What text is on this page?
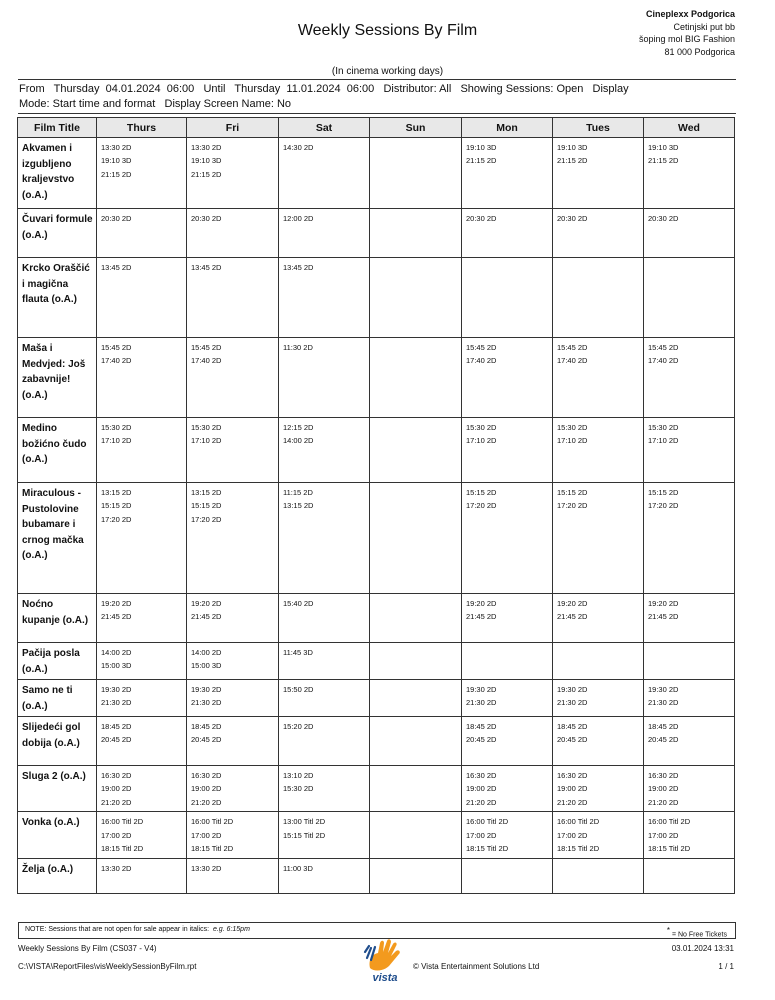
Weekly Sessions By Film
Cineplexx Podgorica
Cetinjski put bb
šoping mol BIG Fashion
81 000 Podgorica
(In cinema working days)
From   Thursday  04.01.2024  06:00   Until   Thursday  11.01.2024  06:00   Distributor: All   Showing Sessions: Open   Display
Mode: Start time and format   Display Screen Name: No
Film Title	Thurs	Fri	Sat	Sun	Mon	Tues	Wed
Akvamen i izgubljeno kraljevstvo (o.A.)	13:30 2D
19:10 3D
21:15 2D	13:30 2D
19:10 3D
21:15 2D	14:30 2D		19:10 3D
21:15 2D	19:10 3D
21:15 2D	19:10 3D
21:15 2D

Čuvari formule (o.A.)	20:30 2D	20:30 2D	12:00 2D		20:30 2D	20:30 2D	20:30 2D

Krcko Oraščić i magična flauta (o.A.)	13:45 2D	13:45 2D	13:45 2D				

Maša i Medvjed: Još zabavnije! (o.A.)	15:45 2D
17:40 2D	15:45 2D
17:40 2D	11:30 2D		15:45 2D
17:40 2D	15:45 2D
17:40 2D	15:45 2D
17:40 2D

Medino božićno čudo (o.A.)	15:30 2D
17:10 2D	15:30 2D
17:10 2D	12:15 2D
14:00 2D		15:30 2D
17:10 2D	15:30 2D
17:10 2D	15:30 2D
17:10 2D

Miraculous - Pustolovine bubamare i crnog mačka (o.A.)	13:15 2D
15:15 2D
17:20 2D	13:15 2D
15:15 2D
17:20 2D	11:15 2D
13:15 2D		15:15 2D
17:20 2D	15:15 2D
17:20 2D	15:15 2D
17:20 2D

Noćno kupanje (o.A.)	19:20 2D
21:45 2D	19:20 2D
21:45 2D	15:40 2D		19:20 2D
21:45 2D	19:20 2D
21:45 2D	19:20 2D
21:45 2D

Pačija posla (o.A.)	14:00 2D
15:00 3D	14:00 2D
15:00 3D	11:45 3D				

Samo ne ti (o.A.)	19:30 2D
21:30 2D	19:30 2D
21:30 2D	15:50 2D		19:30 2D
21:30 2D	19:30 2D
21:30 2D	19:30 2D
21:30 2D

Slijedeći gol dobija (o.A.)	18:45 2D
20:45 2D	18:45 2D
20:45 2D	15:20 2D		18:45 2D
20:45 2D	18:45 2D
20:45 2D	18:45 2D
20:45 2D

Sluga 2 (o.A.)	16:30 2D
19:00 2D
21:20 2D	16:30 2D
19:00 2D
21:20 2D	13:10 2D
15:30 2D		16:30 2D
19:00 2D
21:20 2D	16:30 2D
19:00 2D
21:20 2D	16:30 2D
19:00 2D
21:20 2D

Vonka (o.A.)	16:00 Titl 2D
17:00 2D
18:15 Titl 2D	16:00 Titl 2D
17:00 2D
18:15 Titl 2D	13:00 Titl 2D
15:15 Titl 2D		16:00 Titl 2D
17:00 2D
18:15 Titl 2D	16:00 Titl 2D
17:00 2D
18:15 Titl 2D	16:00 Titl 2D
17:00 2D
18:15 Titl 2D

Želja (o.A.)	13:30 2D	13:30 2D	11:00 3D				

NOTE: Sessions that are not open for sale appear in italics: e.g. 6:15pm	* = No Free Tickets
Weekly Sessions By Film (CS037 - V4)
C:\VISTA\ReportFiles\visWeeklySessionByFilm.rpt	© Vista Entertainment Solutions Ltd
03.01.2024 13:31
1 / 1
vista
